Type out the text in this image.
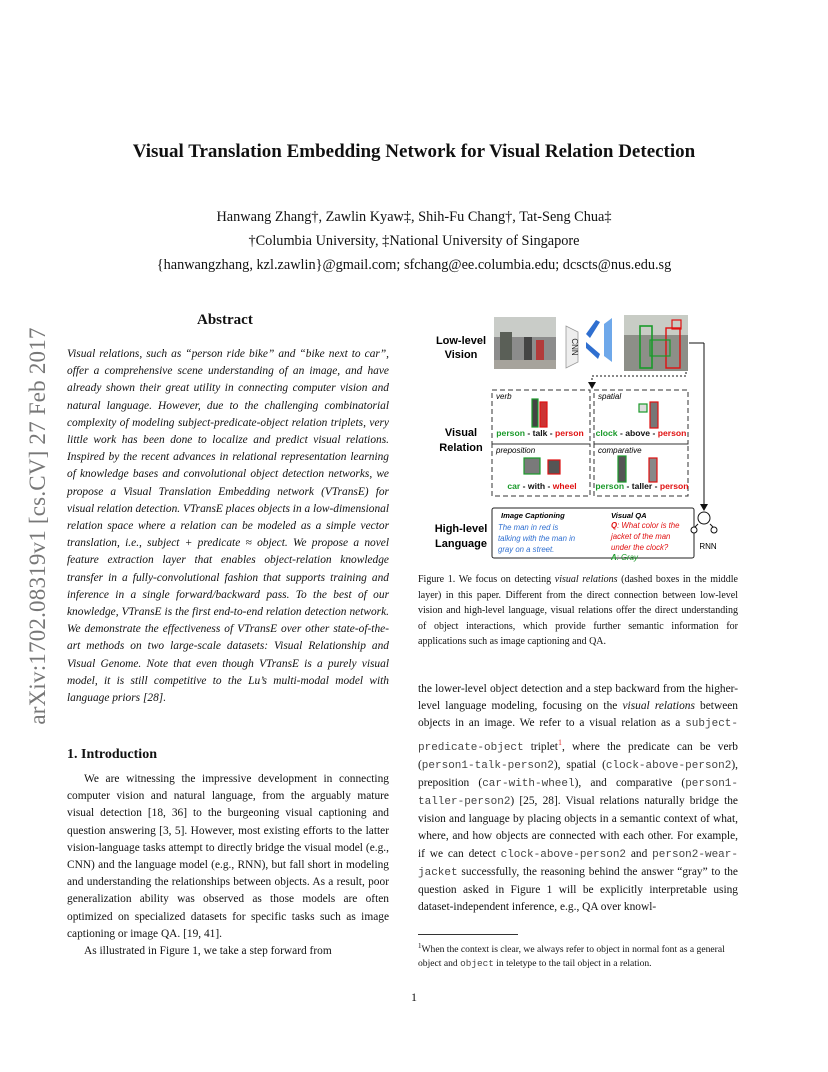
Visual Translation Embedding Network for Visual Relation Detection
Hanwang Zhang†, Zawlin Kyaw‡, Shih-Fu Chang†, Tat-Seng Chua‡
†Columbia University, ‡National University of Singapore
{hanwangzhang, kzl.zawlin}@gmail.com; sfchang@ee.columbia.edu; dcscts@nus.edu.sg
arXiv:1702.08319v1 [cs.CV] 27 Feb 2017
Abstract
Visual relations, such as “person ride bike” and “bike next to car”, offer a comprehensive scene understanding of an image, and have already shown their great utility in connecting computer vision and natural language. However, due to the challenging combinatorial complexity of modeling subject-predicate-object relation triplets, very little work has been done to localize and predict visual relations. Inspired by the recent advances in relational representation learning of knowledge bases and convolutional object detection networks, we propose a Visual Translation Embedding network (VTransE) for visual relation detection. VTransE places objects in a low-dimensional relation space where a relation can be modeled as a simple vector translation, i.e., subject + predicate ≈ object. We propose a novel feature extraction layer that enables object-relation knowledge transfer in a fully-convolutional fashion that supports training and inference in a single forward/backward pass. To the best of our knowledge, VTransE is the first end-to-end relation detection network. We demonstrate the effectiveness of VTransE over other state-of-the-art methods on two large-scale datasets: Visual Relationship and Visual Genome. Note that even though VTransE is a purely visual model, it is still competitive to the Lu’s multi-modal model with language priors [28].
1. Introduction

We are witnessing the impressive development in connecting computer vision and natural language, from the arguably mature visual detection [18, 36] to the burgeoning visual captioning and question answering [3, 5]. However, most existing efforts to the latter vision-language tasks attempt to directly bridge the visual model (e.g., CNN) and the language model (e.g., RNN), but fall short in modeling and understanding the relationships between objects. As a result, poor generalization ability was observed as those models are often optimized on specialized datasets for specific tasks such as image captioning or image QA. [19, 41].

As illustrated in Figure 1, we take a step forward from

Low-level
Vision
Visual
Relation
High-level
Language
CNN
verb	spatial
preposition	comparative
person - talk - person clock - above - person
car - with - wheel person - taller - person
Image Captioning
The man in red is talking with the man in gray on a street.
Visual QA
Q: What color is the jacket of the man under the clock?
A: Gray
RNN
Figure 1. We focus on detecting visual relations (dashed boxes in the middle layer) in this paper. Different from the direct connection between low-level vision and high-level language, visual relations offer the direct understanding of object interactions, which provide further semantic information for applications such as image captioning and QA.

the lower-level object detection and a step backward from the higher-level language modeling, focusing on the visual relations between objects in an image. We refer to a visual relation as a subject-predicate-object triplet$^1$, where the predicate can be verb (person1-talk-person2), spatial (clock-above-person2), preposition (car-with-wheel), and comparative (person1-taller-person2) [25, 28]. Visual relations naturally bridge the vision and language by placing objects in a semantic context of what, where, and how objects are connected with each other. For example, if we can detect clock-above-person2 and person2-wear-jacket successfully, the reasoning behind the answer “gray” to the question asked in Figure 1 will be explicitly interpretable using dataset-independent inference, e.g., QA over knowl-

$^1$When the context is clear, we always refer to object in normal font as a general object and object in teletype to the tail object in a relation.
1
